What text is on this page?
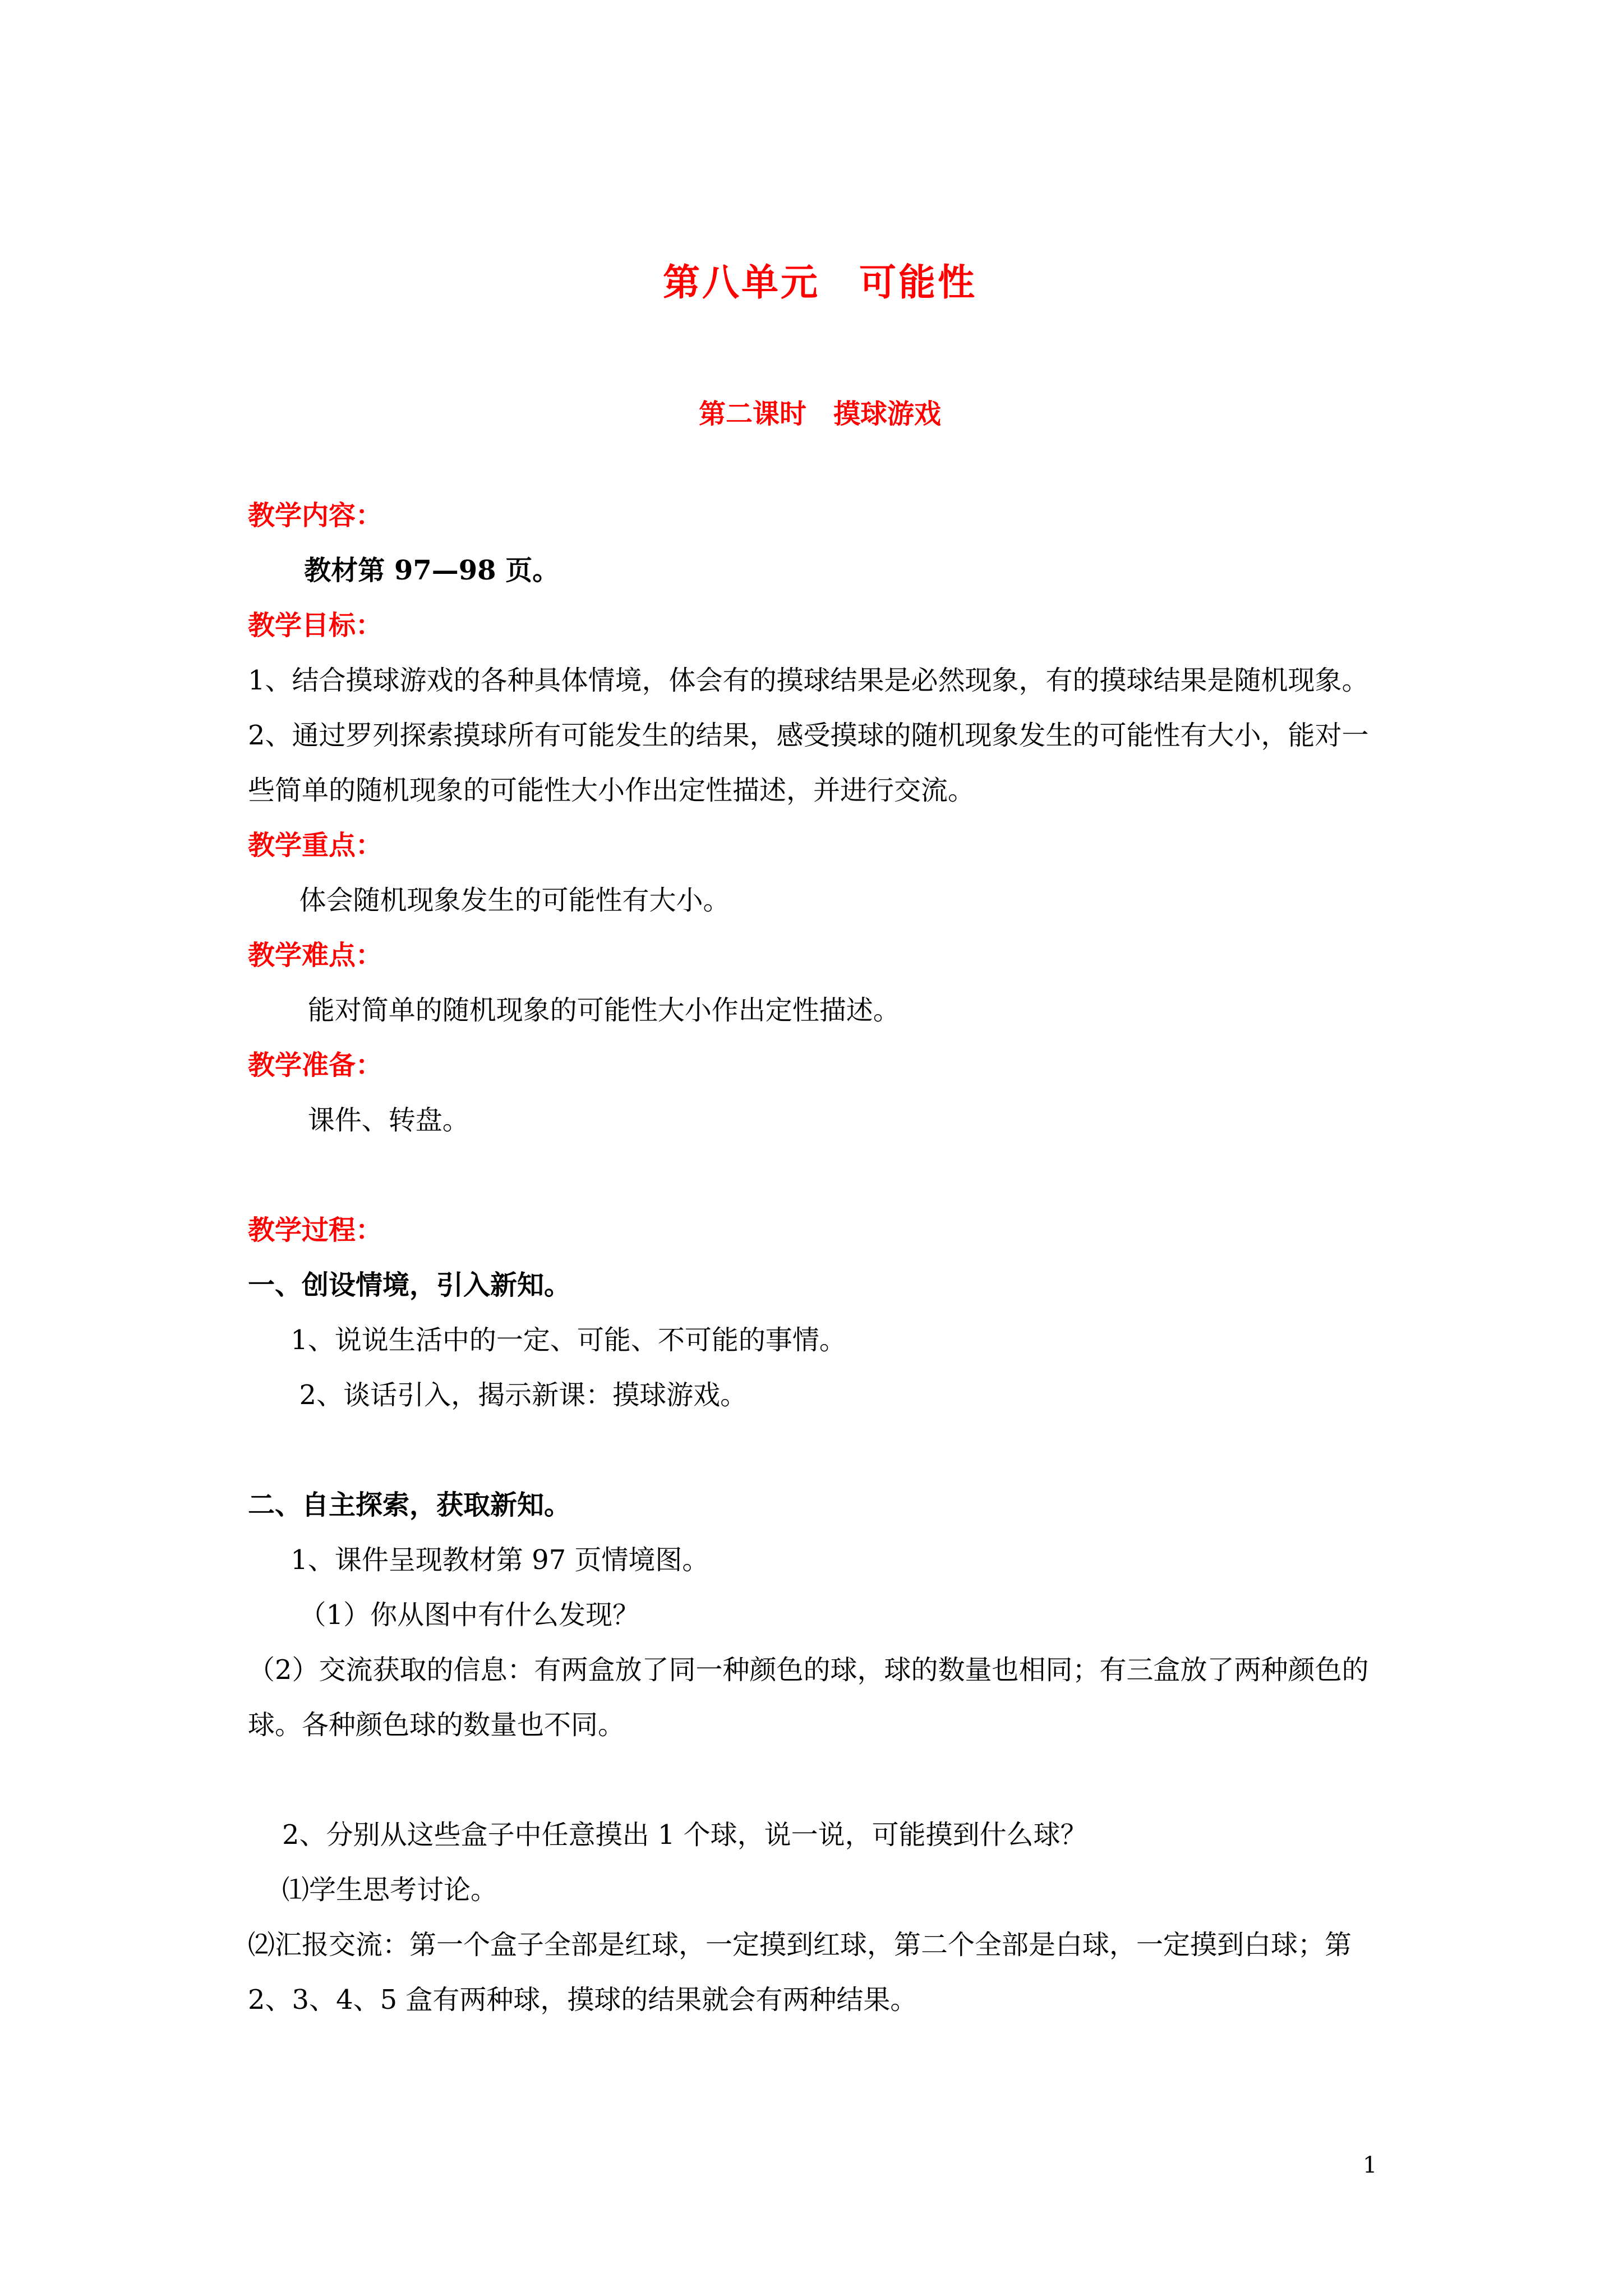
第八单元　可能性
第二课时　摸球游戏

教学内容：

教材第 97—98 页。

教学目标：

1、结合摸球游戏的各种具体情境，体会有的摸球结果是必然现象，有的摸球结果是随机现象。

2、通过罗列探索摸球所有可能发生的结果，感受摸球的随机现象发生的可能性有大小，能对一些简单的随机现象的可能性大小作出定性描述，并进行交流。

教学重点：

体会随机现象发生的可能性有大小。

教学难点：

能对简单的随机现象的可能性大小作出定性描述。

教学准备：

课件、转盘。

教学过程：

一、创设情境，引入新知。

1、说说生活中的一定、可能、不可能的事情。

2、谈话引入，揭示新课：摸球游戏。

二、自主探索，获取新知。

1、课件呈现教材第 97 页情境图。

（1）你从图中有什么发现？

（2）交流获取的信息：有两盒放了同一种颜色的球，球的数量也相同；有三盒放了两种颜色的球。各种颜色球的数量也不同。

2、分别从这些盒子中任意摸出 1 个球，说一说，可能摸到什么球？

⑴学生思考讨论。

⑵汇报交流：第一个盒子全部是红球，一定摸到红球，第二个全部是白球，一定摸到白球；第 2、3、4、5 盒有两种球，摸球的结果就会有两种结果。

1
